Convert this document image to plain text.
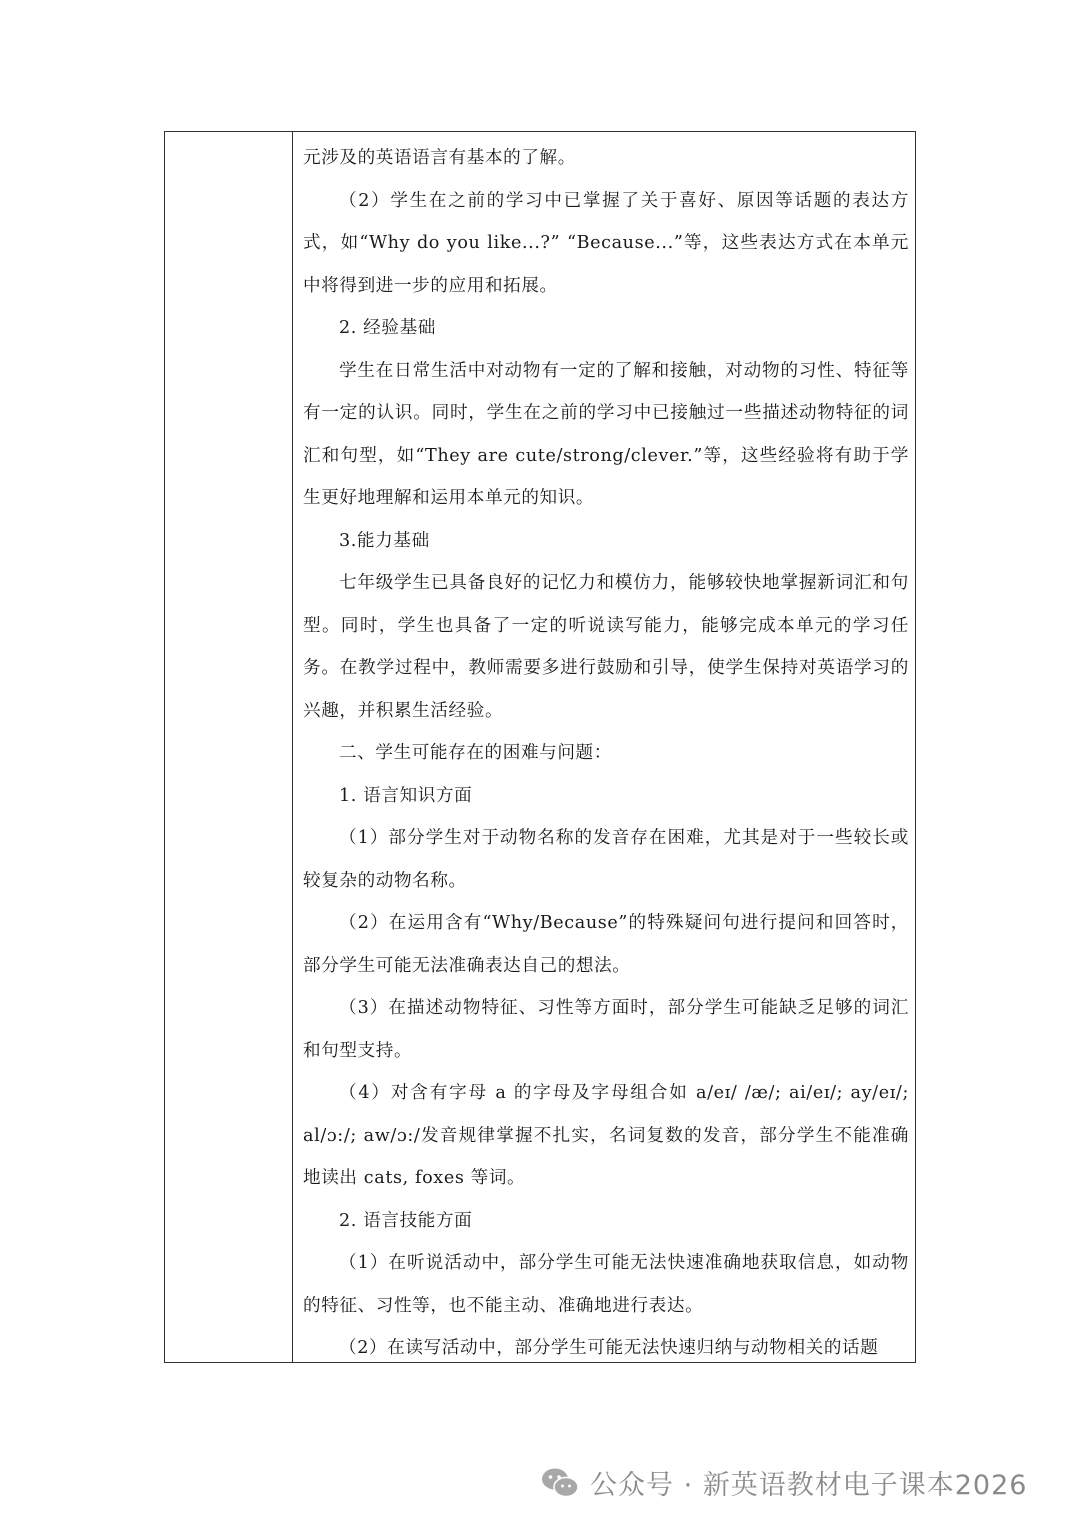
元涉及的英语语言有基本的了解。

（2）学生在之前的学习中已掌握了关于喜好、原因等话题的表达方式，如“Why do you like...?” “Because...”等，这些表达方式在本单元中将得到进一步的应用和拓展。

2. 经验基础

学生在日常生活中对动物有一定的了解和接触，对动物的习性、特征等有一定的认识。同时，学生在之前的学习中已接触过一些描述动物特征的词汇和句型，如“They are cute/strong/clever.”等，这些经验将有助于学生更好地理解和运用本单元的知识。

3.能力基础

七年级学生已具备良好的记忆力和模仿力，能够较快地掌握新词汇和句型。同时，学生也具备了一定的听说读写能力，能够完成本单元的学习任务。在教学过程中，教师需要多进行鼓励和引导，使学生保持对英语学习的兴趣，并积累生活经验。

二、学生可能存在的困难与问题：

1. 语言知识方面

（1）部分学生对于动物名称的发音存在困难，尤其是对于一些较长或较复杂的动物名称。

（2）在运用含有“Why/Because”的特殊疑问句进行提问和回答时，部分学生可能无法准确表达自己的想法。

（3）在描述动物特征、习性等方面时，部分学生可能缺乏足够的词汇和句型支持。

（4）对含有字母 a 的字母及字母组合如 a/eɪ/ /æ/; ai/eɪ/; ay/eɪ/; al/ɔ:/; aw/ɔ:/发音规律掌握不扎实，名词复数的发音，部分学生不能准确地读出 cats, foxes 等词。

2. 语言技能方面

（1）在听说活动中，部分学生可能无法快速准确地获取信息，如动物的特征、习性等，也不能主动、准确地进行表达。

（2）在读写活动中，部分学生可能无法快速归纳与动物相关的话题

公众号 · 新英语教材电子课本2026
